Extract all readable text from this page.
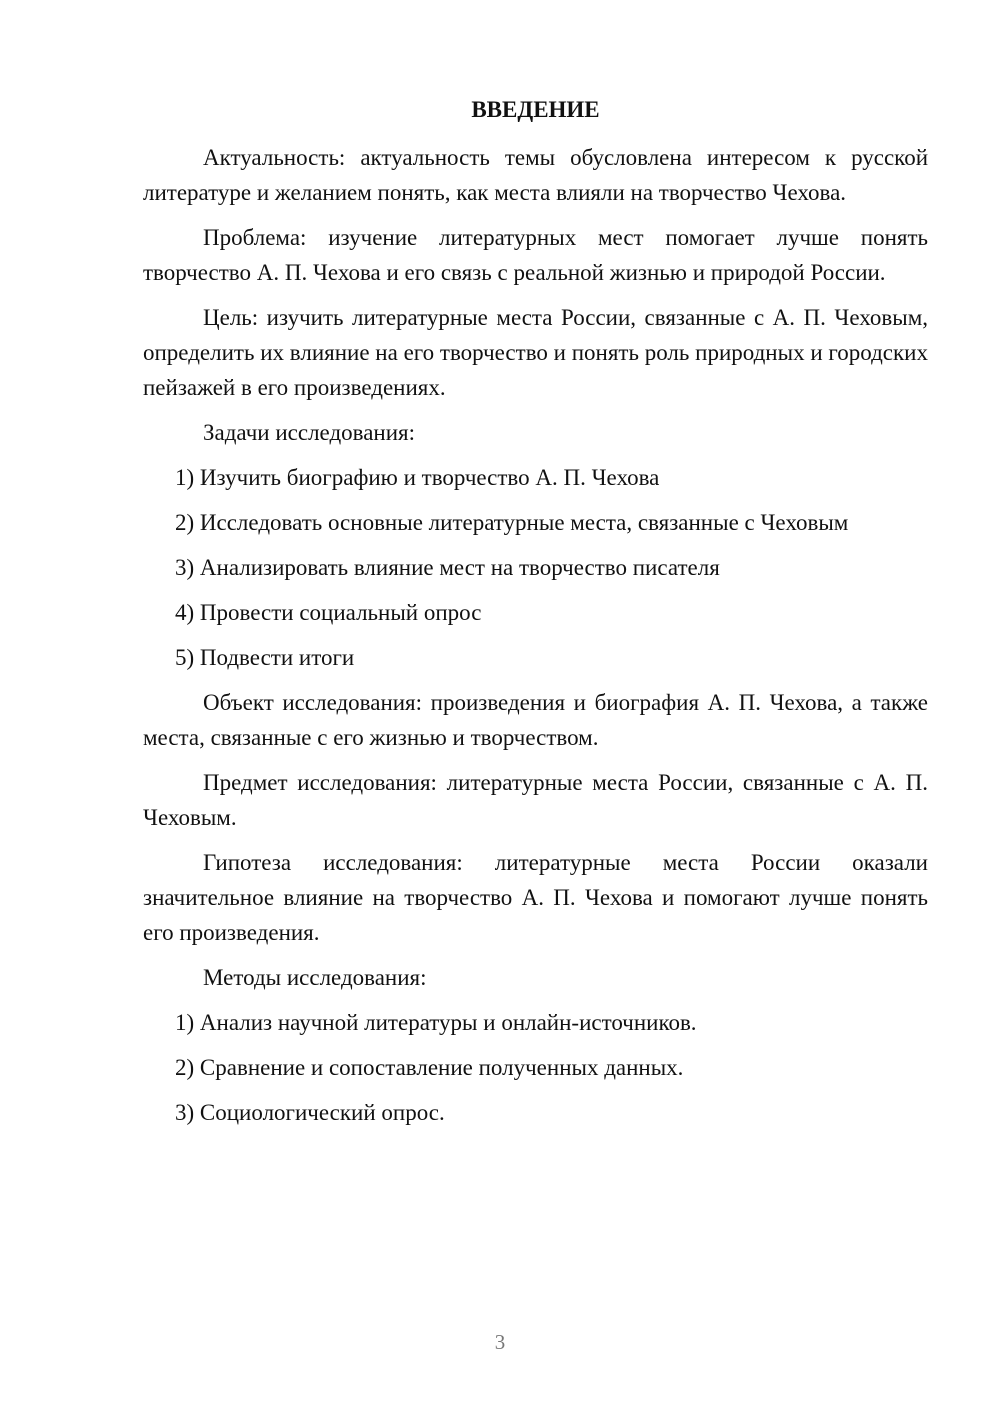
ВВЕДЕНИЕ
Актуальность: актуальность темы обусловлена интересом к русской литературе и желанием понять, как места влияли на творчество Чехова.
Проблема: изучение литературных мест помогает лучше понять творчество А. П. Чехова и его связь с реальной жизнью и природой России.
Цель: изучить литературные места России, связанные с А. П. Чеховым, определить их влияние на его творчество и понять роль природных и городских пейзажей в его произведениях.
Задачи исследования:
1) Изучить биографию и творчество А. П. Чехова
2) Исследовать основные литературные места, связанные с Чеховым
3) Анализировать влияние мест на творчество писателя
4) Провести социальный опрос
5) Подвести итоги
Объект исследования: произведения и биография А. П. Чехова, а также места, связанные с его жизнью и творчеством.
Предмет исследования: литературные места России, связанные с А. П. Чеховым.
Гипотеза исследования: литературные места России оказали значительное влияние на творчество А. П. Чехова и помогают лучше понять его произведения.
Методы исследования:
1) Анализ научной литературы и онлайн-источников.
2) Сравнение и сопоставление полученных данных.
3) Социологический опрос.
3
